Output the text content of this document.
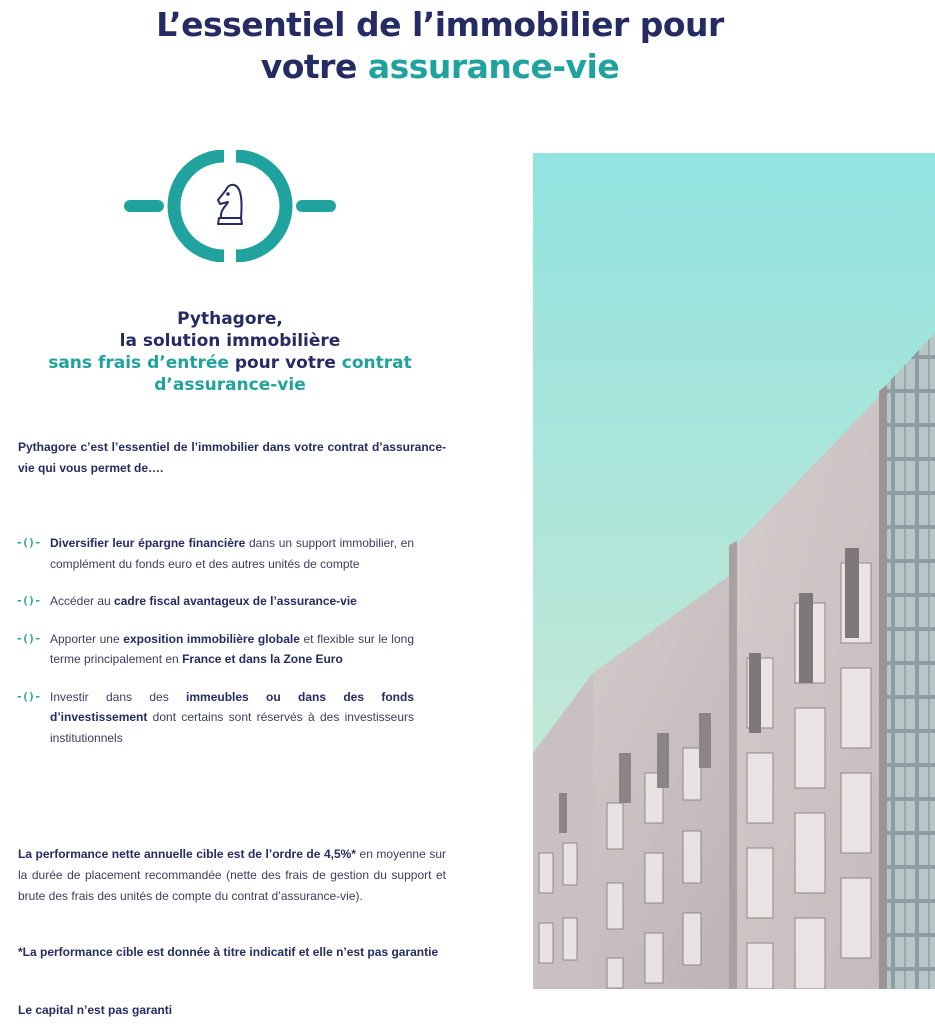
L’essentiel de l’immobilier pour
votre assurance-vie
Pythagore,
la solution immobilière
sans frais d’entrée pour votre contrat
d’assurance-vie

Pythagore c’est l’essentiel de l’immobilier dans votre contrat d’assurance-vie qui vous permet de….

-()- Diversifier leur épargne financière dans un support immobilier, en complément du fonds euro et des autres unités de compte
-()- Accéder au cadre fiscal avantageux de l’assurance-vie
-()- Apporter une exposition immobilière globale et flexible sur le long terme principalement en France et dans la Zone Euro
-()- Investir dans des immeubles ou dans des fonds d’investissement dont certains sont réservés à des investisseurs institutionnels

La performance nette annuelle cible est de l’ordre de 4,5%* en moyenne sur la durée de placement recommandée (nette des frais de gestion du support et brute des frais des unités de compte du contrat d’assurance-vie).

*La performance cible est donnée à titre indicatif et elle n’est pas garantie

Le capital n’est pas garanti
